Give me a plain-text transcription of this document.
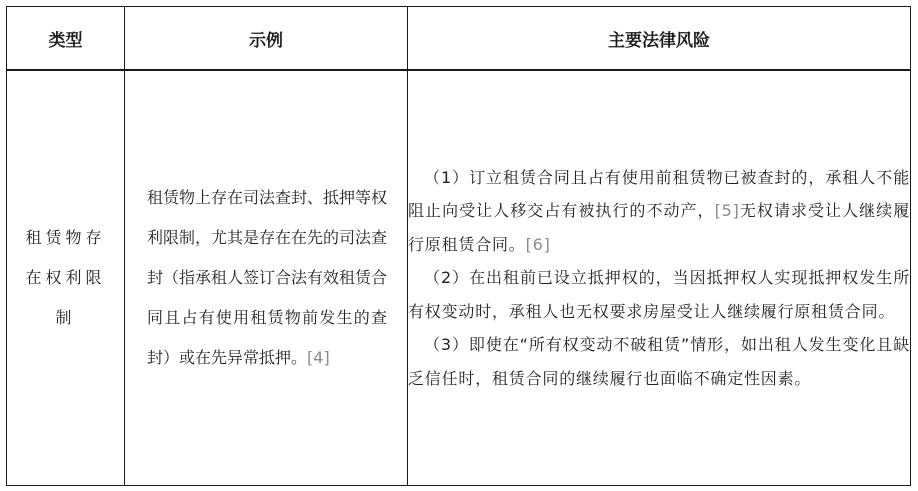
类型	示例	主要法律风险

租赁物存在权利限制	租赁物上存在司法查封、抵押等权利限制，尤其是存在在先的司法查封（指承租人签订合法有效租赁合同且占有使用租赁物前发生的查封）或在先异常抵押。[4]	（1）订立租赁合同且占有使用前租赁物已被查封的，承租人不能阻止向受让人移交占有被执行的不动产，[5]无权请求受让人继续履行原租赁合同。[6]

（2）在出租前已设立抵押权的，当因抵押权人实现抵押权发生所有权变动时，承租人也无权要求房屋受让人继续履行原租赁合同。

（3）即使在“所有权变动不破租赁”情形，如出租人发生变化且缺乏信任时，租赁合同的继续履行也面临不确定性因素。
